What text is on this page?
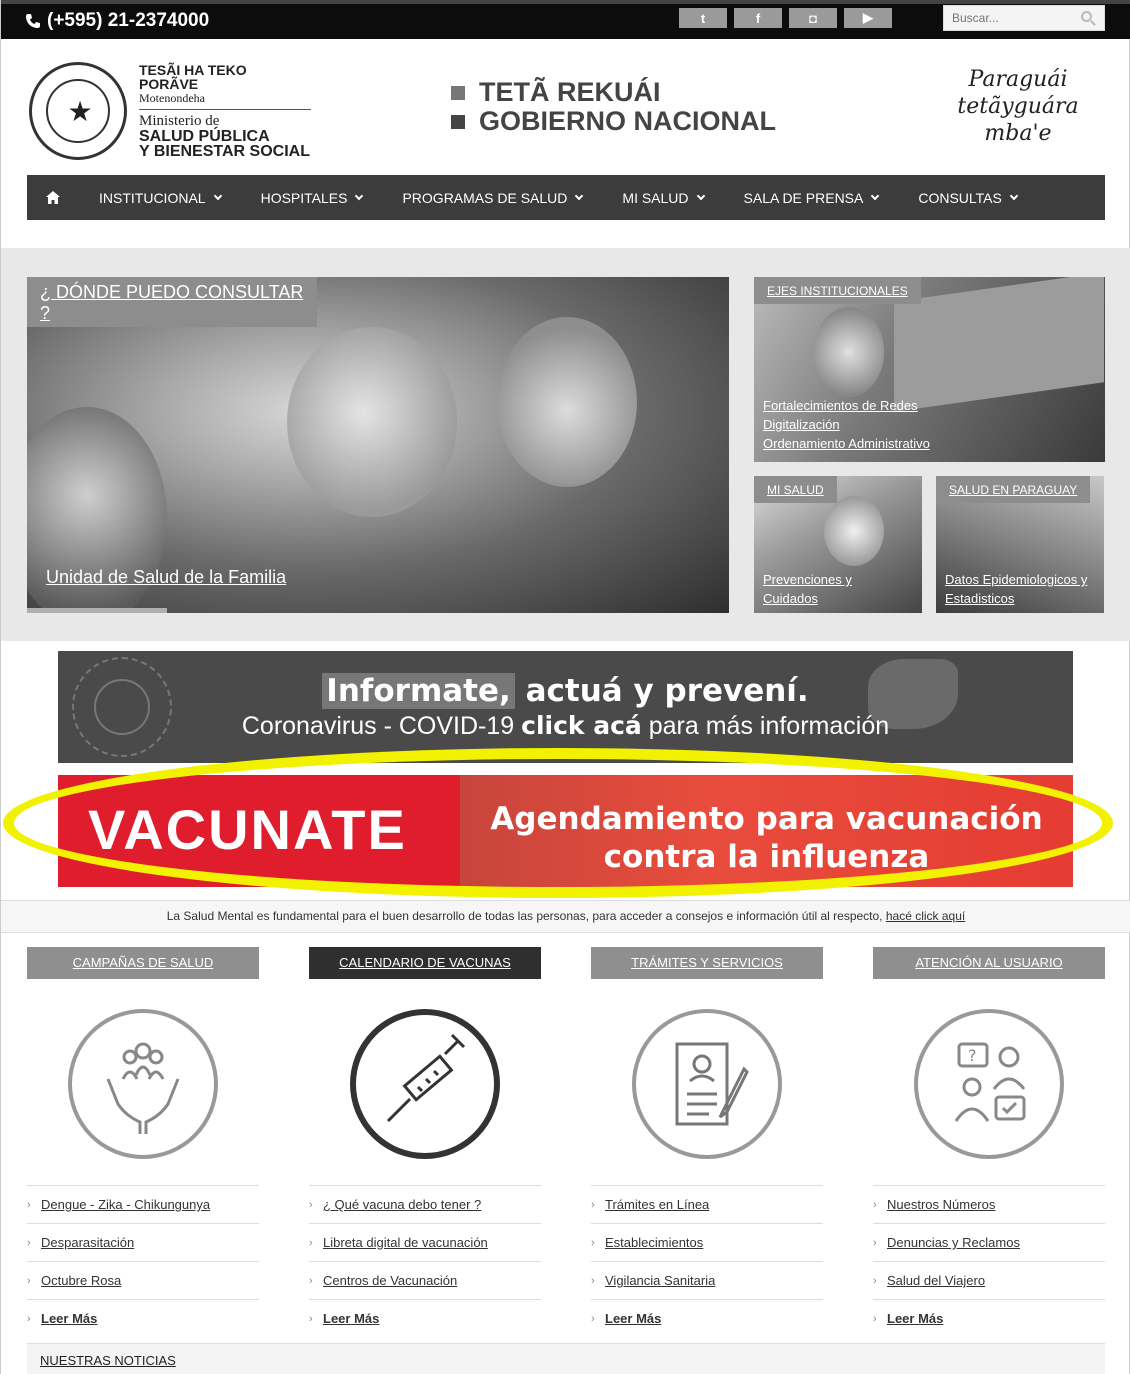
(+595) 21-2374000	t	f	◘	▶
Buscar...
★
TESÃI HA TEKO PORÃVE
Motenondeha
Ministerio de
SALUD PÚBLICA
Y BIENESTAR SOCIAL
TETÃ REKUÁI
GOBIERNO NACIONAL
Paraguái
tetãyguára
mba'e
INSTITUCIONAL	HOSPITALES	PROGRAMAS DE SALUD	MI SALUD	SALA DE PRENSA	CONSULTAS
¿ DÓNDE PUEDO CONSULTAR ?
Unidad de Salud de la Familia
EJES INSTITUCIONALES
Fortalecimientos de Redes
Digitalización
Ordenamiento Administrativo
MI SALUD
Prevenciones y
Cuidados
SALUD EN PARAGUAY
Datos Epidemiologicos y
Estadisticos
Informate, actuá y prevení.
Coronavirus - COVID-19 click acá para más información
VACUNATE	Agendamiento para vacunación
contra la influenza
La Salud Mental es fundamental para el buen desarrollo de todas las personas, para acceder a consejos e información útil al respecto, hacé click aquí
CAMPAÑAS DE SALUD
› Dengue - Zika - Chikungunya
› Desparasitación
› Octubre Rosa
› Leer Más
CALENDARIO DE VACUNAS
› ¿ Qué vacuna debo tener ?
› Libreta digital de vacunación
› Centros de Vacunación
› Leer Más
TRÁMITES Y SERVICIOS
› Trámites en Línea
› Establecimientos
› Vigilancia Sanitaria
› Leer Más
ATENCIÓN AL USUARIO
?
› Nuestros Números
› Denuncias y Reclamos
› Salud del Viajero
› Leer Más
NUESTRAS NOTICIAS
